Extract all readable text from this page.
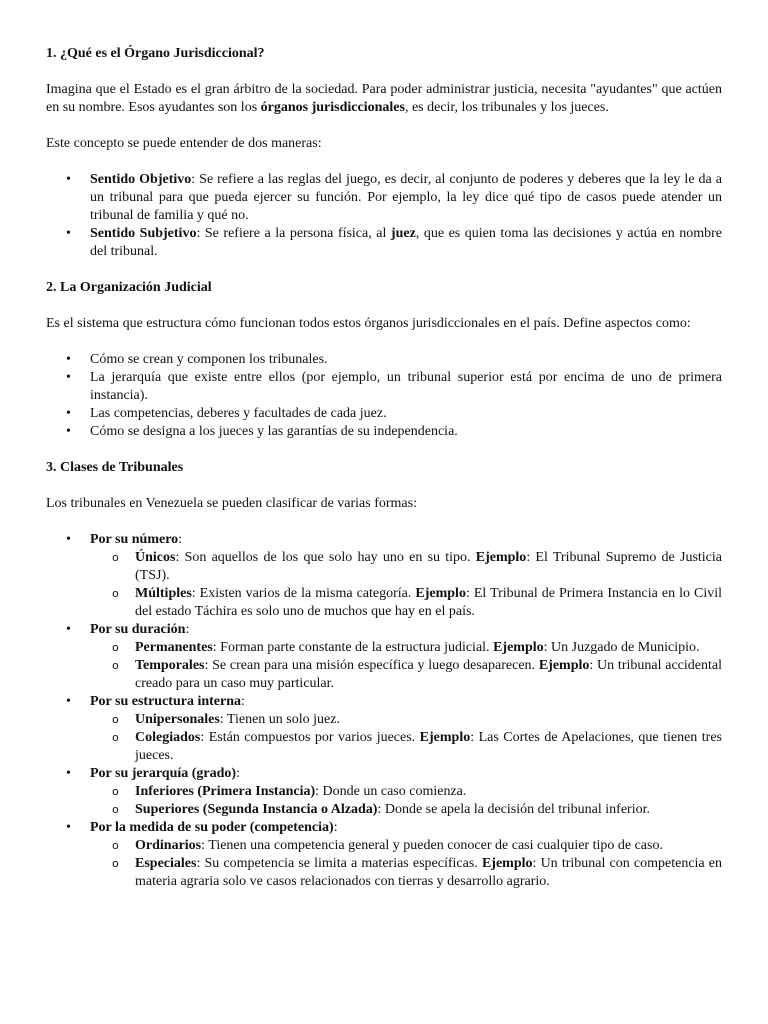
1. ¿Qué es el Órgano Jurisdiccional?

Imagina que el Estado es el gran árbitro de la sociedad. Para poder administrar justicia, necesita "ayudantes" que actúen en su nombre. Esos ayudantes son los órganos jurisdiccionales, es decir, los tribunales y los jueces.

Este concepto se puede entender de dos maneras:

• Sentido Objetivo: Se refiere a las reglas del juego, es decir, al conjunto de poderes y deberes que la ley le da a un tribunal para que pueda ejercer su función. Por ejemplo, la ley dice qué tipo de casos puede atender un tribunal de familia y qué no.
• Sentido Subjetivo: Se refiere a la persona física, al juez, que es quien toma las decisiones y actúa en nombre del tribunal.
2. La Organización Judicial

Es el sistema que estructura cómo funcionan todos estos órganos jurisdiccionales en el país. Define aspectos como:

• Cómo se crean y componen los tribunales.
• La jerarquía que existe entre ellos (por ejemplo, un tribunal superior está por encima de uno de primera instancia).
• Las competencias, deberes y facultades de cada juez.
• Cómo se designa a los jueces y las garantías de su independencia.
3. Clases de Tribunales

Los tribunales en Venezuela se pueden clasificar de varias formas:

• Por su número:
o Únicos: Son aquellos de los que solo hay uno en su tipo. Ejemplo: El Tribunal Supremo de Justicia (TSJ).
o Múltiples: Existen varios de la misma categoría. Ejemplo: El Tribunal de Primera Instancia en lo Civil del estado Táchira es solo uno de muchos que hay en el país.
• Por su duración:
o Permanentes: Forman parte constante de la estructura judicial. Ejemplo: Un Juzgado de Municipio.
o Temporales: Se crean para una misión específica y luego desaparecen. Ejemplo: Un tribunal accidental creado para un caso muy particular.
• Por su estructura interna:
o Unipersonales: Tienen un solo juez.
o Colegiados: Están compuestos por varios jueces. Ejemplo: Las Cortes de Apelaciones, que tienen tres jueces.
• Por su jerarquía (grado):
o Inferiores (Primera Instancia): Donde un caso comienza.
o Superiores (Segunda Instancia o Alzada): Donde se apela la decisión del tribunal inferior.
• Por la medida de su poder (competencia):
o Ordinarios: Tienen una competencia general y pueden conocer de casi cualquier tipo de caso.
o Especiales: Su competencia se limita a materias específicas. Ejemplo: Un tribunal con competencia en materia agraria solo ve casos relacionados con tierras y desarrollo agrario.
